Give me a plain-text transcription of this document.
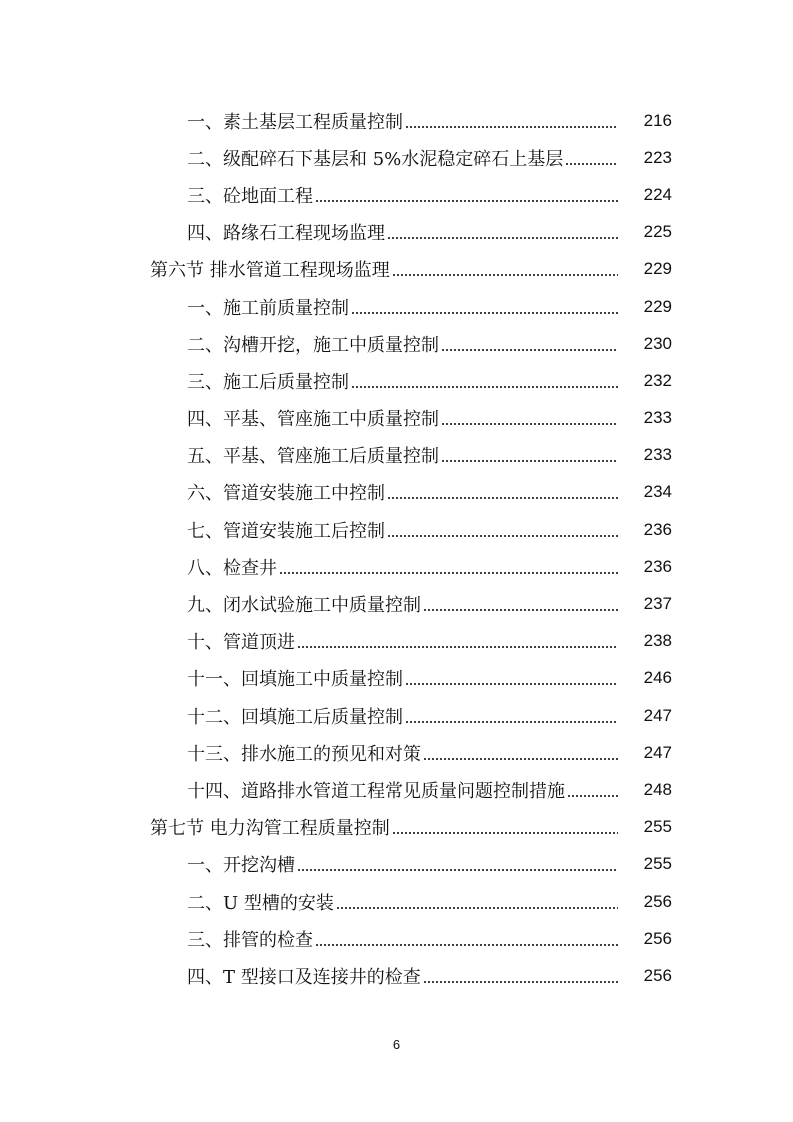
一、素土基层工程质量控制	216
二、级配碎石下基层和 5%水泥稳定碎石上基层	223
三、砼地面工程	224
四、路缘石工程现场监理	225
第六节 排水管道工程现场监理	229
一、施工前质量控制	229
二、沟槽开挖，施工中质量控制	230
三、施工后质量控制	232
四、平基、管座施工中质量控制	233
五、平基、管座施工后质量控制	233
六、管道安装施工中控制	234
七、管道安装施工后控制	236
八、检查井	236
九、闭水试验施工中质量控制	237
十、管道顶进	238
十一、回填施工中质量控制	246
十二、回填施工后质量控制	247
十三、排水施工的预见和对策	247
十四、道路排水管道工程常见质量问题控制措施	248
第七节 电力沟管工程质量控制	255
一、开挖沟槽	255
二、U 型槽的安装	256
三、排管的检查	256
四、T 型接口及连接井的检查	256
6
